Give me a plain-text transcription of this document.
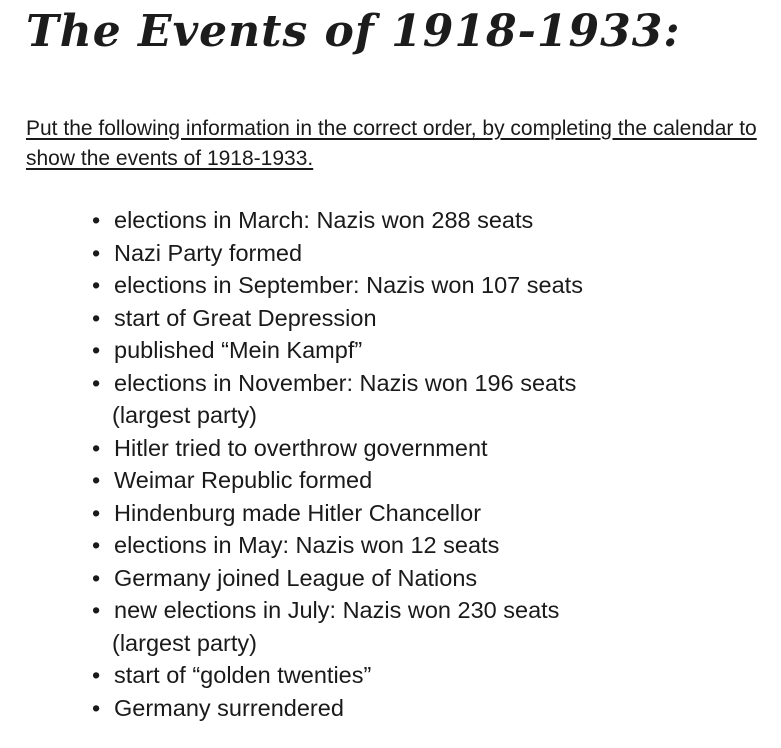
The Events of 1918-1933:

Put the following information in the correct order, by completing the calendar to show the events of 1918-1933.

• elections in March: Nazis won 288 seats
• Nazi Party formed
• elections in September: Nazis won 107 seats
• start of Great Depression
• published “Mein Kampf”
• elections in November: Nazis won 196 seats
(largest party)
• Hitler tried to overthrow government
• Weimar Republic formed
• Hindenburg made Hitler Chancellor
• elections in May: Nazis won 12 seats
• Germany joined League of Nations
• new elections in July: Nazis won 230 seats
(largest party)
• start of “golden twenties”
• Germany surrendered
